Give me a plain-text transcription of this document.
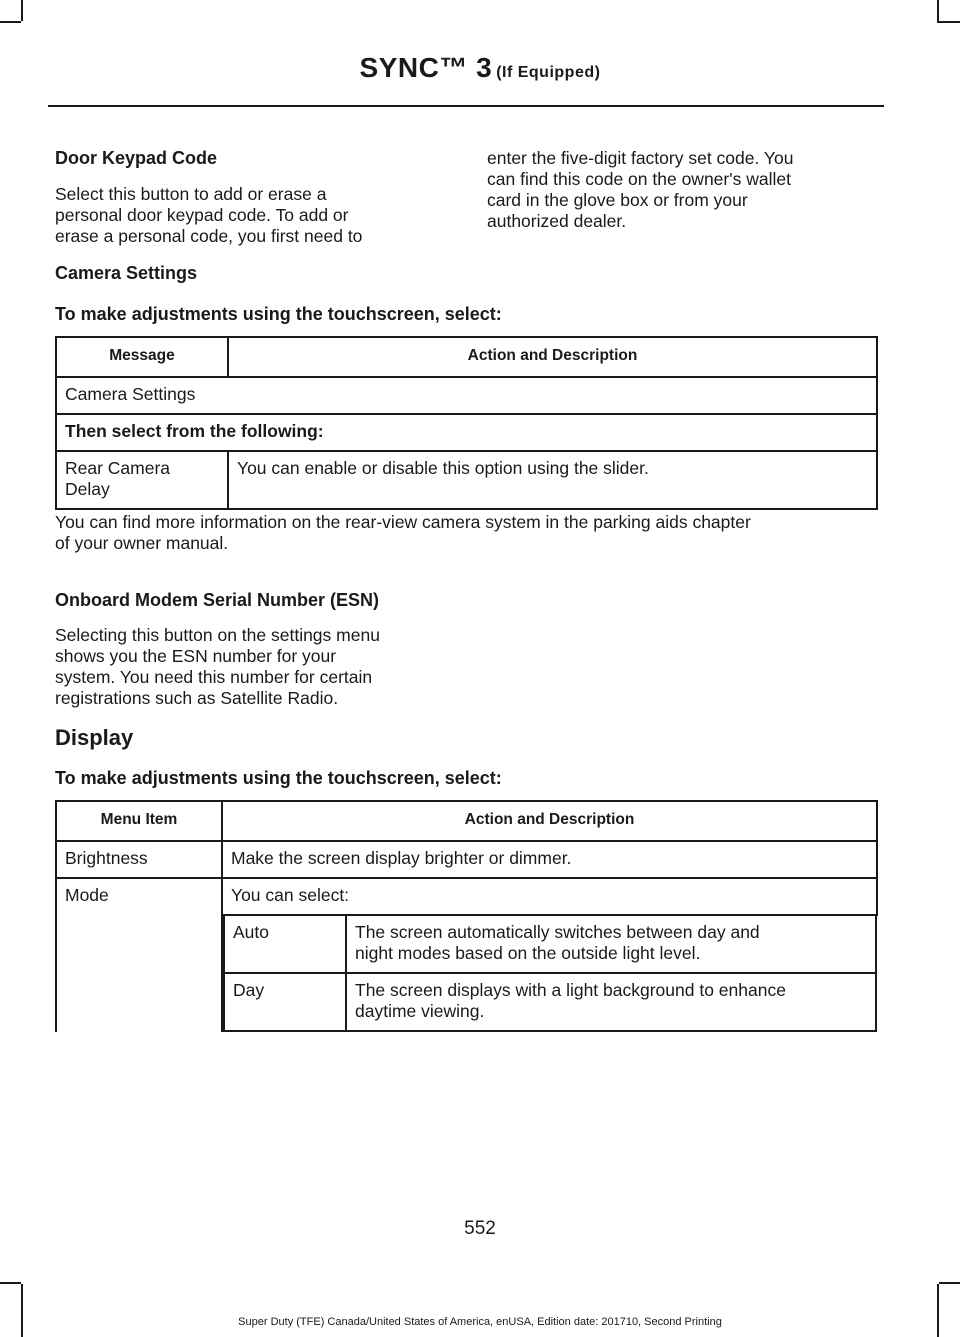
SYNC™ 3 (If Equipped)
Door Keypad Code
Select this button to add or erase a
personal door keypad code. To add or
erase a personal code, you first need to
enter the five-digit factory set code. You
can find this code on the owner's wallet
card in the glove box or from your
authorized dealer.
Camera Settings
To make adjustments using the touchscreen, select:
Message	Action and Description
Camera Settings	
Then select from the following:	

Rear Camera
Delay	You can enable or disable this option using the slider.
You can find more information on the rear-view camera system in the parking aids chapter
of your owner manual.
Onboard Modem Serial Number (ESN)
Selecting this button on the settings menu
shows you the ESN number for your
system. You need this number for certain
registrations such as Satellite Radio.
Display
To make adjustments using the touchscreen, select:
Menu Item	Action and Description
Brightness	Make the screen display brighter or dimmer.
Mode	You can select:

Auto	The screen automatically switches between day and
night modes based on the outside light level.

Day	The screen displays with a light background to enhance
daytime viewing.
552
Super Duty (TFE) Canada/United States of America, enUSA, Edition date: 201710, Second Printing
